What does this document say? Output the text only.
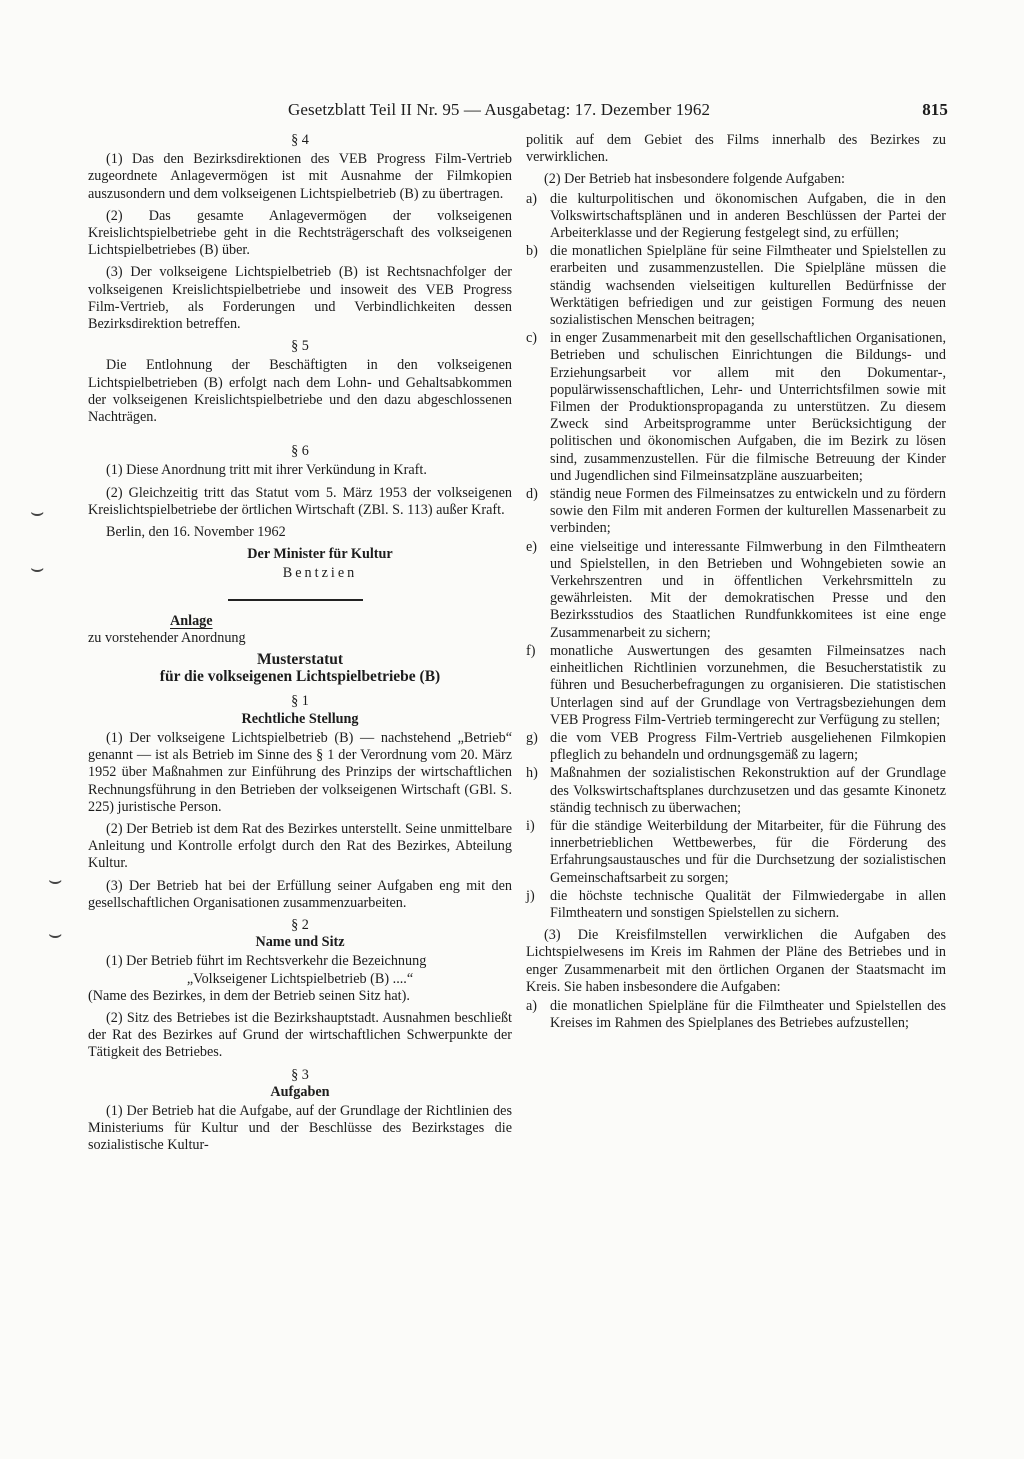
Gesetzblatt Teil II Nr. 95 — Ausgabetag: 17. Dezember 1962	815
⌣
⌣
⌣
⌣

§ 4

(1) Das den Bezirksdirektionen des VEB Progress Film-Vertrieb zugeordnete Anlagevermögen ist mit Ausnahme der Filmkopien auszusondern und dem volkseigenen Lichtspielbetrieb (B) zu übertragen.

(2) Das gesamte Anlagevermögen der volkseigenen Kreislichtspielbetriebe geht in die Rechtsträgerschaft des volkseigenen Lichtspielbetriebes (B) über.

(3) Der volkseigene Lichtspielbetrieb (B) ist Rechtsnachfolger der volkseigenen Kreislichtspielbetriebe und insoweit des VEB Progress Film-Vertrieb, als Forderungen und Verbindlichkeiten dessen Bezirksdirektion betreffen.

§ 5

Die Entlohnung der Beschäftigten in den volkseigenen Lichtspielbetrieben (B) erfolgt nach dem Lohn- und Gehaltsabkommen der volkseigenen Kreislichtspielbetriebe und den dazu abgeschlossenen Nachträgen.

§ 6

(1) Diese Anordnung tritt mit ihrer Verkündung in Kraft.

(2) Gleichzeitig tritt das Statut vom 5. März 1953 der volkseigenen Kreislichtspielbetriebe der örtlichen Wirtschaft (ZBl. S. 113) außer Kraft.

Berlin, den 16. November 1962

Der Minister für Kultur

Bentzien

Anlage

zu vorstehender Anordnung

Musterstatut

für die volkseigenen Lichtspielbetriebe (B)

§ 1

Rechtliche Stellung

(1) Der volkseigene Lichtspielbetrieb (B) — nachstehend „Betrieb“ genannt — ist als Betrieb im Sinne des § 1 der Verordnung vom 20. März 1952 über Maßnahmen zur Einführung des Prinzips der wirtschaftlichen Rechnungsführung in den Betrieben der volkseigenen Wirtschaft (GBl. S. 225) juristische Person.

(2) Der Betrieb ist dem Rat des Bezirkes unterstellt. Seine unmittelbare Anleitung und Kontrolle erfolgt durch den Rat des Bezirkes, Abteilung Kultur.

(3) Der Betrieb hat bei der Erfüllung seiner Aufgaben eng mit den gesellschaftlichen Organisationen zusammenzuarbeiten.

§ 2

Name und Sitz

(1) Der Betrieb führt im Rechtsverkehr die Bezeichnung

„Volkseigener Lichtspielbetrieb (B) ....“

(Name des Bezirkes, in dem der Betrieb seinen Sitz hat).

(2) Sitz des Betriebes ist die Bezirkshauptstadt. Ausnahmen beschließt der Rat des Bezirkes auf Grund der wirtschaftlichen Schwerpunkte der Tätigkeit des Betriebes.

§ 3

Aufgaben

(1) Der Betrieb hat die Aufgabe, auf der Grundlage der Richtlinien des Ministeriums für Kultur und der Beschlüsse des Bezirkstages die sozialistische Kultur-

politik auf dem Gebiet des Films innerhalb des Bezirkes zu verwirklichen.

(2) Der Betrieb hat insbesondere folgende Aufgaben:

a) die kulturpolitischen und ökonomischen Aufgaben, die in den Volkswirtschaftsplänen und in anderen Beschlüssen der Partei der Arbeiterklasse und der Regierung festgelegt sind, zu erfüllen;
b) die monatlichen Spielpläne für seine Filmtheater und Spielstellen zu erarbeiten und zusammenzustellen. Die Spielpläne müssen die ständig wachsenden vielseitigen kulturellen Bedürfnisse der Werktätigen befriedigen und zur geistigen Formung des neuen sozialistischen Menschen beitragen;
c) in enger Zusammenarbeit mit den gesellschaftlichen Organisationen, Betrieben und schulischen Einrichtungen die Bildungs- und Erziehungsarbeit vor allem mit den Dokumentar-, populärwissenschaftlichen, Lehr- und Unterrichtsfilmen sowie mit Filmen der Produktionspropaganda zu unterstützen. Zu diesem Zweck sind Arbeitsprogramme unter Berücksichtigung der politischen und ökonomischen Aufgaben, die im Bezirk zu lösen sind, zusammenzustellen. Für die filmische Betreuung der Kinder und Jugendlichen sind Filmeinsatzpläne auszuarbeiten;
d) ständig neue Formen des Filmeinsatzes zu entwickeln und zu fördern sowie den Film mit anderen Formen der kulturellen Massenarbeit zu verbinden;
e) eine vielseitige und interessante Filmwerbung in den Filmtheatern und Spielstellen, in den Betrieben und Wohngebieten sowie an Verkehrszentren und in öffentlichen Verkehrsmitteln zu gewährleisten. Mit der demokratischen Presse und den Bezirksstudios des Staatlichen Rundfunkkomitees ist eine enge Zusammenarbeit zu sichern;
f)	monatliche Auswertungen des gesamten Filmeinsatzes nach einheitlichen Richtlinien vorzunehmen, die Besucherstatistik zu führen und Besucherbefragungen zu organisieren. Die statistischen Unterlagen sind auf der Grundlage von Vertragsbeziehungen dem VEB Progress Film-Vertrieb termingerecht zur Verfügung zu stellen;
g) die vom VEB Progress Film-Vertrieb ausgeliehenen Filmkopien pfleglich zu behandeln und ordnungsgemäß zu lagern;
h) Maßnahmen der sozialistischen Rekonstruktion auf der Grundlage des Volkswirtschaftsplanes durchzusetzen und das gesamte Kinonetz ständig technisch zu überwachen;
i)	für die ständige Weiterbildung der Mitarbeiter, für die Führung des innerbetrieblichen Wettbewerbes, für die Förderung des Erfahrungsaustausches und für die Durchsetzung der sozialistischen Gemeinschaftsarbeit zu sorgen;
j)	die höchste technische Qualität der Filmwiedergabe in allen Filmtheatern und sonstigen Spielstellen zu sichern.

(3) Die Kreisfilmstellen verwirklichen die Aufgaben des Lichtspielwesens im Kreis im Rahmen der Pläne des Betriebes und in enger Zusammenarbeit mit den örtlichen Organen der Staatsmacht im Kreis. Sie haben insbesondere die Aufgaben:

a) die monatlichen Spielpläne für die Filmtheater und Spielstellen des Kreises im Rahmen des Spielplanes des Betriebes aufzustellen;
